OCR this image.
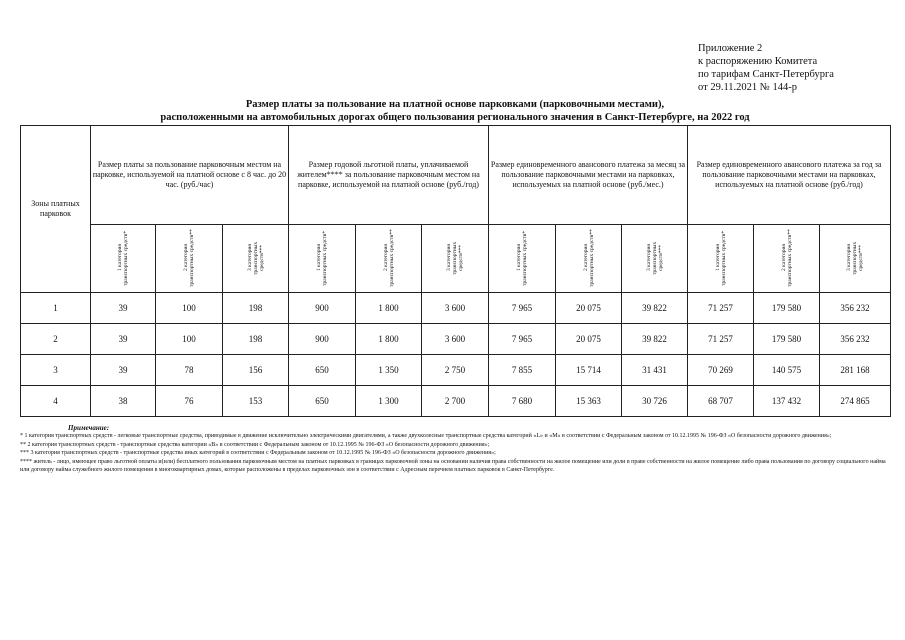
Приложение 2
к распоряжению Комитета
по тарифам Санкт-Петербурга
от 29.11.2021 № 144-р
Размер платы за пользование на платной основе парковками (парковочными местами),
расположенными на автомобильных дорогах общего пользования регионального значения в Санкт-Петербурге, на 2022 год
Зоны платных парковок	Размер платы за пользование парковочным местом на парковке, используемой на платной основе с 8 час. до 20 час. (руб./час)			Размер годовой льготной платы, уплачиваемой жителем**** за пользование парковочным местом на парковке, используемой на платной основе (руб./год)			Размер единовременного авансового платежа за месяц за пользование парковочными местами на парковках, используемых на платной основе (руб./мес.)			Размер единовременного авансового платежа за год за пользование парковочными местами на парковках, используемых на платной основе (руб./год)		
	1 категория транспортных средств*	2 категория транспортных средств**	3 категория транспортных средств***	1 категория транспортных средств*	2 категория транспортных средств**	3 категория транспортных средств***	1 категория транспортных средств*	2 категория транспортных средств**	3 категория транспортных средств***	1 категория транспортных средств*	2 категория транспортных средств**	3 категория транспортных средств***
1	39	100	198	900	1 800	3 600	7 965	20 075	39 822	71 257	179 580	356 232
2	39	100	198	900	1 800	3 600	7 965	20 075	39 822	71 257	179 580	356 232
3	39	78	156	650	1 350	2 750	7 855	15 714	31 431	70 269	140 575	281 168
4	38	76	153	650	1 300	2 700	7 680	15 363	30 726	68 707	137 432	274 865
Примечание:

* 1 категория транспортных средств - легковые транспортные средства, приводимые в движение исключительно электрическими двигателями, а также двухколесные транспортные средства категорий «L» и «M» в соответствии с Федеральным законом от 10.12.1995 № 196-ФЗ «О безопасности дорожного движения»;

** 2 категория транспортных средств - транспортные средства категории «B» в соответствии с Федеральным законом от 10.12.1995 № 196-ФЗ «О безопасности дорожного движения»;

*** 3 категория транспортных средств - транспортные средства иных категорий в соответствии с Федеральным законом от 10.12.1995 № 196-ФЗ «О безопасности дорожного движения»;

**** житель - лицо, имеющее право льготной оплаты и(или) бесплатного пользования парковочным местом на платных парковках в границах парковочной зоны на основании наличия права собственности на жилое помещение или доли в праве собственности на жилое помещение либо права пользования по договору социального найма или договору найма служебного жилого помещения в многоквартирных домах, которые расположены в пределах парковочных зон в соответствии с Адресным перечнем платных парковок в Санкт-Петербурге.
